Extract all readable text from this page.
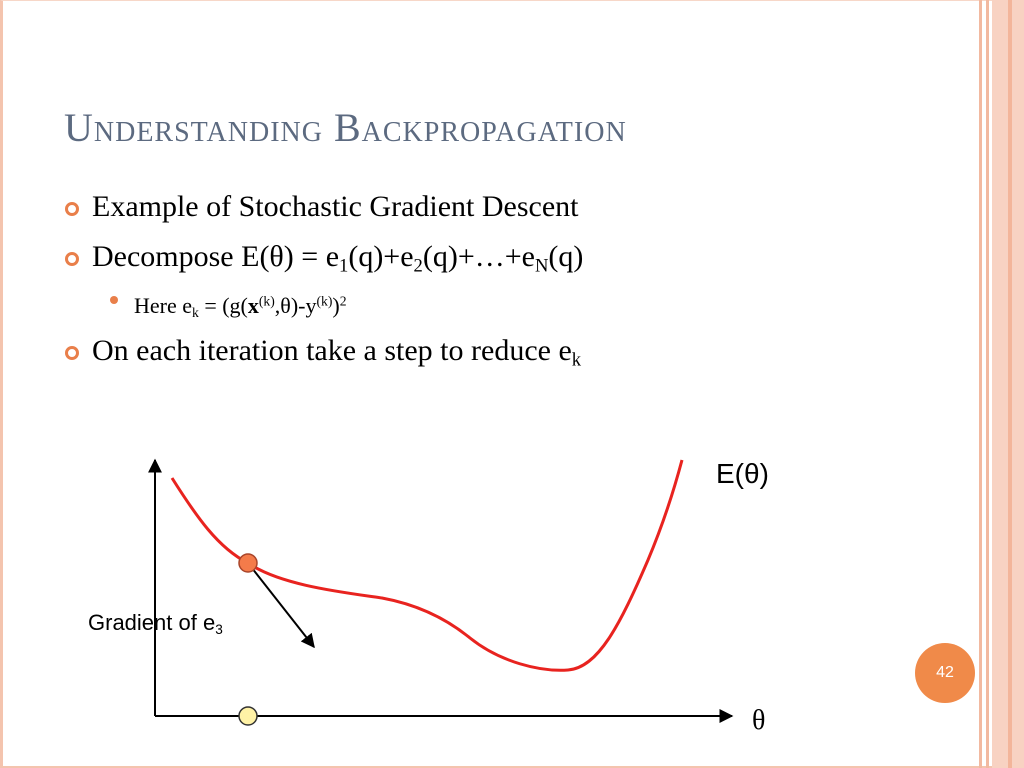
Understanding Backpropagation
Example of Stochastic Gradient Descent
Decompose $E(\theta) = e_1(q)+e_2(q)+\dots+e_N(q)$
Here $e_k = (g(x^{(k)},\theta)-y^{(k)})^2$
On each iteration take a step to reduce $e_k$
E(θ)
θ
Gradient of $e_3$
42
